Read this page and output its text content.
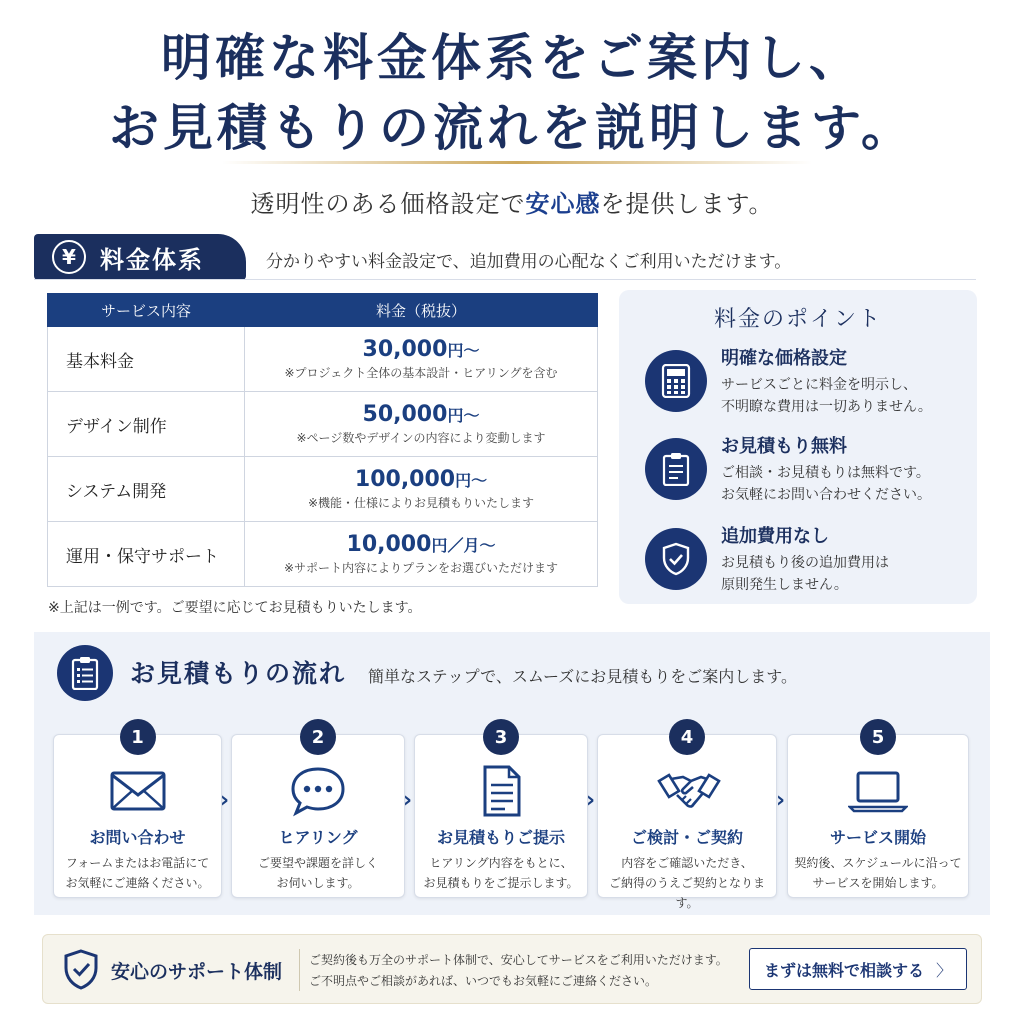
明確な料金体系をご案内し、
お見積もりの流れを説明します。
透明性のある価格設定で安心感を提供します。
¥	料金体系	分かりやすい料金設定で、追加費用の心配なくご利用いただけます。
サービス内容	料金（税抜）
基本料金	30,000円〜
※プロジェクト全体の基本設計・ヒアリングを含む

デザイン制作	50,000円〜
※ページ数やデザインの内容により変動します

システム開発	100,000円〜
※機能・仕様によりお見積もりいたします

運用・保守サポート	10,000円／月〜
※サポート内容によりプランをお選びいただけます
※上記は一例です。ご要望に応じてお見積もりいたします。
料金のポイント
明確な価格設定
サービスごとに料金を明示し、
不明瞭な費用は一切ありません。
お見積もり無料
ご相談・お見積もりは無料です。
お気軽にお問い合わせください。
追加費用なし
お見積もり後の追加費用は
原則発生しません。
お見積もりの流れ 簡単なステップで、スムーズにお見積もりをご案内します。
1
お問い合わせ
フォームまたはお電話にて
お気軽にご連絡ください。
›
2
ヒアリング
ご要望や課題を詳しく
お伺いします。
›
3
お見積もりご提示
ヒアリング内容をもとに、
お見積もりをご提示します。
›
4
ご検討・ご契約
内容をご確認いただき、
ご納得のうえご契約となります。
›
5
サービス開始
契約後、スケジュールに沿って
サービスを開始します。
安心のサポート体制
ご契約後も万全のサポート体制で、安心してサービスをご利用いただけます。
ご不明点やご相談があれば、いつでもお気軽にご連絡ください。
まずは無料で相談する 〉
